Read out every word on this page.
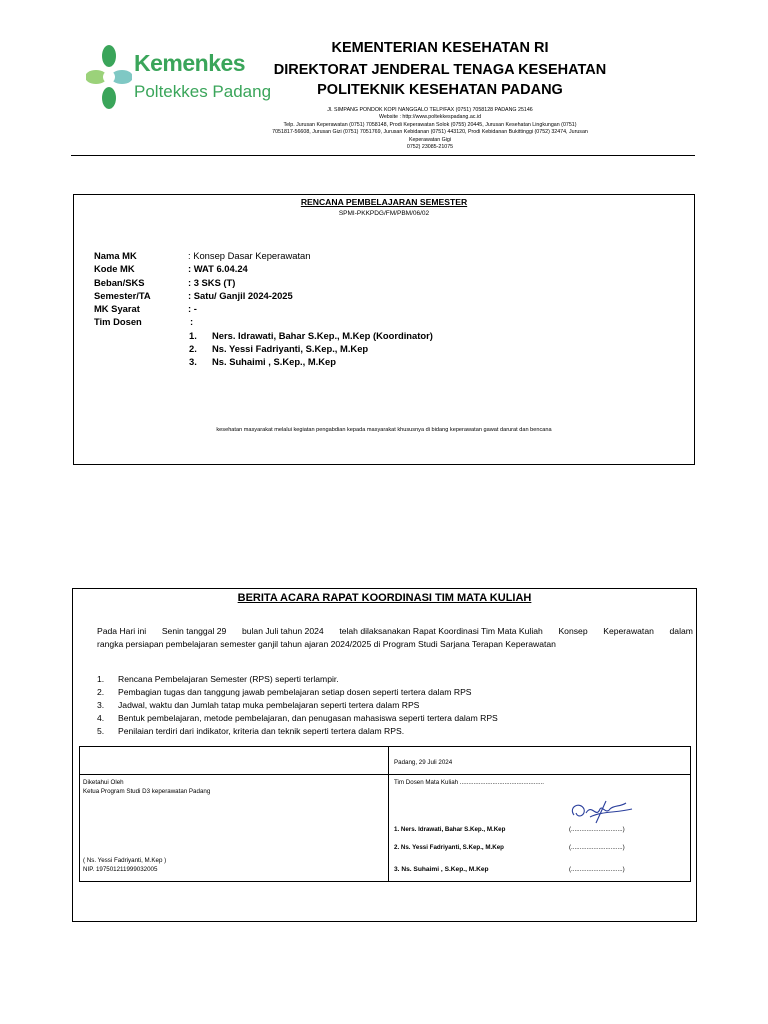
Kemenkes
Poltekkes Padang
KEMENTERIAN KESEHATAN RI
DIREKTORAT JENDERAL TENAGA KESEHATAN
POLITEKNIK KESEHATAN PADANG
Jl. SIMPANG PONDOK KOPI NANGGALO TELP/FAX (0751) 7058128 PADANG 25146
Website : http://www.poltekkespadang.ac.id
Telp. Jurusan Keperawatan (0751) 7058148, Prodi Keperawatan Solok (0755) 20445, Jurusan Kesehatan Lingkungan (0751)
7051817-56608, Jurusan Gizi (0751) 7051769, Jurusan Kebidanan (0751) 443120, Prodi Kebidanan Bukittinggi (0752) 32474, Jurusan
Keperawatan Gigi
0752) 23085-21075
RENCANA PEMBELAJARAN SEMESTER
SPMI-PKKPDG/FM/PBM/06/02
Nama MK	: Konsep Dasar Keperawatan
Kode MK	: WAT 6.04.24
Beban/SKS	: 3 SKS (T)
Semester/TA	: Satu/ Ganjil 2024-2025
MK Syarat	: -
Tim Dosen	:
1. Ners. Idrawati, Bahar S.Kep., M.Kep (Koordinator)
2. Ns. Yessi Fadriyanti, S.Kep., M.Kep
3. Ns. Suhaimi , S.Kep., M.Kep
kesehatan masyarakat melalui kegiatan pengabdian kepada masyarakat khususnya di bidang keperawatan gawat darurat dan bencana
BERITA ACARA RAPAT KOORDINASI TIM MATA KULIAH
Pada Hari ini Senin tanggal 29 bulan Juli tahun 2024 telah dilaksanakan Rapat Koordinasi Tim Mata Kuliah Konsep Keperawatan dalam
rangka persiapan pembelajaran semester ganjil tahun ajaran 2024/2025 di Program Studi Sarjana Terapan Keperawatan
1. Rencana Pembelajaran Semester (RPS) seperti terlampir.
2. Pembagian tugas dan tanggung jawab pembelajaran setiap dosen seperti tertera dalam RPS
3. Jadwal, waktu dan Jumlah tatap muka pembelajaran seperti tertera dalam RPS
4. Bentuk pembelajaran, metode pembelajaran, dan penugasan mahasiswa seperti tertera dalam RPS
5. Penilaian terdiri dari indikator, kriteria dan teknik seperti tertera dalam RPS.
Padang, 29 Juli 2024
Diketahui Oleh
Ketua Program Studi D3 keperawatan Padang
( Ns. Yessi Fadriyanti, M.Kep )
NIP. 197501211999032005
Tim Dosen Mata Kuliah .................................................
1. Ners. Idrawati, Bahar S.Kep., M.Kep	(..............................)
2. Ns. Yessi Fadriyanti, S.Kep., M.Kep	(..............................)
3. Ns. Suhaimi , S.Kep., M.Kep	(..............................)
